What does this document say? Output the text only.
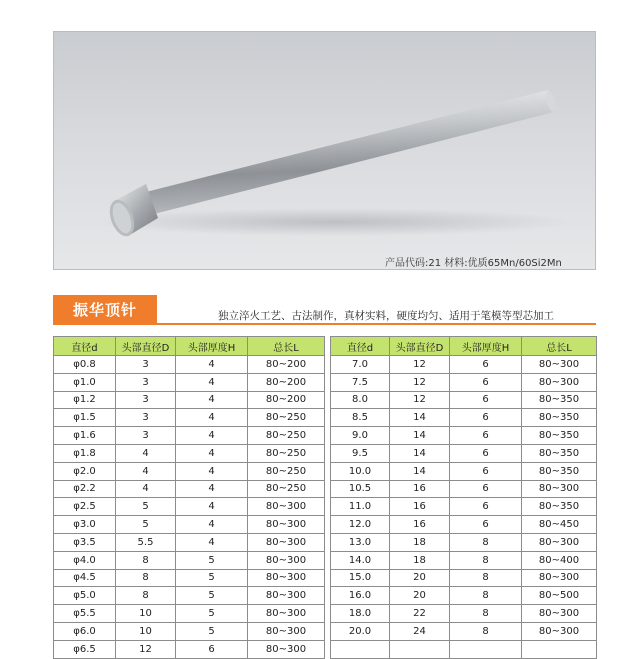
产品代码:21 材料:优质65Mn/60Si2Mn
振华顶针	独立淬火工艺、古法制作，真材实料，硬度均匀、适用于笔模等型芯加工
直径d	头部直径D	头部厚度H	总长L
φ0.8	3	4	80~200
φ1.0	3	4	80~200
φ1.2	3	4	80~200
φ1.5	3	4	80~250
φ1.6	3	4	80~250
φ1.8	4	4	80~250
φ2.0	4	4	80~250
φ2.2	4	4	80~250
φ2.5	5	4	80~300
φ3.0	5	4	80~300
φ3.5	5.5	4	80~300
φ4.0	8	5	80~300
φ4.5	8	5	80~300
φ5.0	8	5	80~300
φ5.5	10	5	80~300
φ6.0	10	5	80~300
φ6.5	12	6	80~300
直径d	头部直径D	头部厚度H	总长L
7.0	12	6	80~300
7.5	12	6	80~300
8.0	12	6	80~350
8.5	14	6	80~350
9.0	14	6	80~350
9.5	14	6	80~350
10.0	14	6	80~350
10.5	16	6	80~300
11.0	16	6	80~350
12.0	16	6	80~450
13.0	18	8	80~300
14.0	18	8	80~400
15.0	20	8	80~300
16.0	20	8	80~500
18.0	22	8	80~300
20.0	24	8	80~300
